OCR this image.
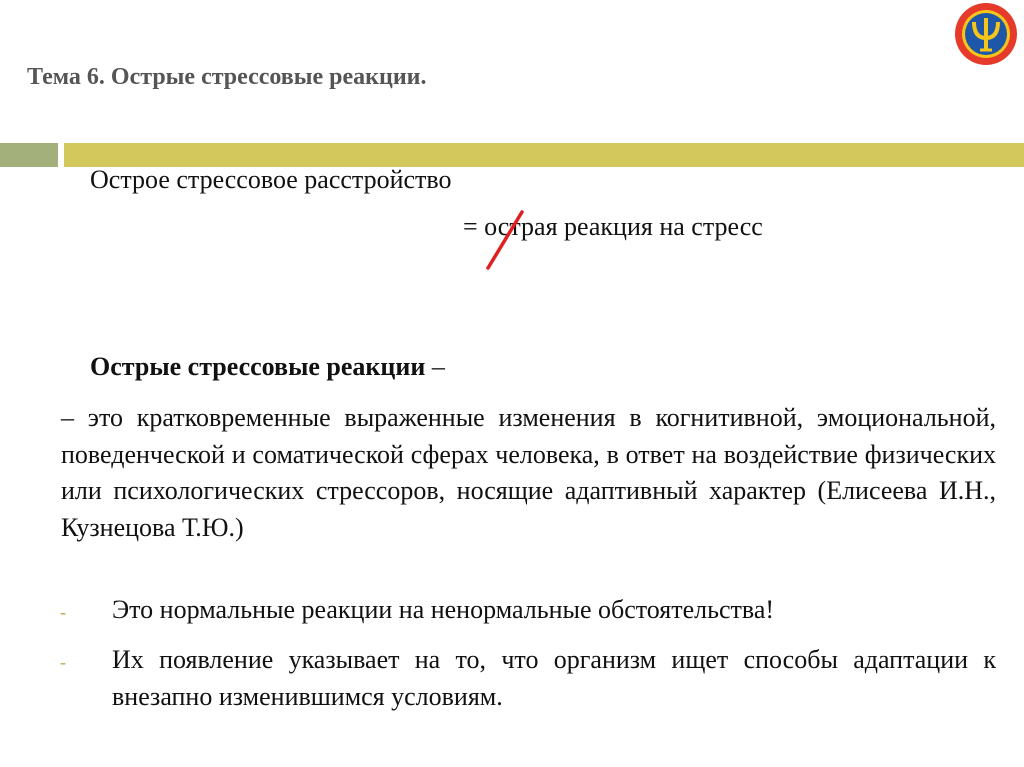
Тема 6. Острые стрессовые реакции.
Острое стрессовое расстройство
= острая реакция на стресс
Острые стрессовые реакции –

– это кратковременные выраженные изменения в когнитивной, эмоциональной, поведенческой и соматической сферах человека, в ответ на воздействие физических или психологических стрессоров, носящие адаптивный характер (Елисеева И.Н., Кузнецова Т.Ю.)

- Это нормальные реакции на ненормальные обстоятельства!

- Их появление указывает на то, что организм ищет способы адаптации к внезапно изменившимся условиям.
